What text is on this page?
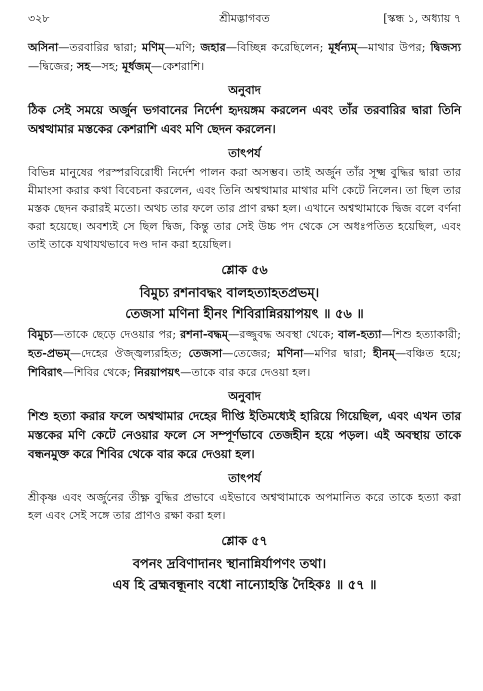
৩২৮	শ্রীমদ্ভাগবত	[স্কন্ধ ১, অধ্যায় ৭

অসিনা—তরবারির দ্বারা; মণিম্—মণি; জহার—বিচ্ছিন্ন করেছিলেন; মূর্ধন্যম্—মাথার উপর; দ্বিজস্য—দ্বিজের; সহ—সহ; মূর্ধজম্—কেশরাশি।

অনুবাদ

ঠিক সেই সময়ে অর্জুন ভগবানের নির্দেশ হৃদয়ঙ্গম করলেন এবং তাঁর তরবারির দ্বারা তিনি অশ্বত্থামার মস্তকের কেশরাশি এবং মণি ছেদন করলেন।

তাৎপর্য

বিভিন্ন মানুষের পরস্পরবিরোধী নির্দেশ পালন করা অসম্ভব। তাই অর্জুন তাঁর সূক্ষ্ম বুদ্ধির দ্বারা তার মীমাংসা করার কথা বিবেচনা করলেন, এবং তিনি অশ্বত্থামার মাথার মণি কেটে নিলেন। তা ছিল তার মস্তক ছেদন করারই মতো। অথচ তার ফলে তার প্রাণ রক্ষা হল। এখানে অশ্বত্থামাকে দ্বিজ বলে বর্ণনা করা হয়েছে। অবশ্যই সে ছিল দ্বিজ, কিন্তু তার সেই উচ্চ পদ থেকে সে অধঃপতিত হয়েছিল, এবং তাই তাকে যথাযথভাবে দণ্ড দান করা হয়েছিল।

শ্লোক ৫৬
বিমুচ্য রশনাবদ্ধং বালহত্যাহতপ্রভম্।
তেজসা মণিনা হীনং শিবিরান্নিরয়াপয়ৎ ॥ ৫৬ ॥

বিমুচ্য—তাকে ছেড়ে দেওয়ার পর; রশনা-বদ্ধম্—রজ্জুবদ্ধ অবস্থা থেকে; বাল-হত্যা—শিশু হত্যাকারী; হত-প্রভম্—দেহের ঔজ্জ্বল্যরহিত; তেজসা—তেজের; মণিনা—মণির দ্বারা; হীনম্—বঞ্চিত হয়ে; শিবিরাৎ—শিবির থেকে; নিরয়াপয়ৎ—তাকে বার করে দেওয়া হল।

অনুবাদ

শিশু হত্যা করার ফলে অশ্বত্থামার দেহের দীপ্তি ইতিমধ্যেই হারিয়ে গিয়েছিল, এবং এখন তার মস্তকের মণি কেটে নেওয়ার ফলে সে সম্পূর্ণভাবে তেজহীন হয়ে পড়ল। এই অবস্থায় তাকে বন্ধনমুক্ত করে শিবির থেকে বার করে দেওয়া হল।

তাৎপর্য

শ্রীকৃষ্ণ এবং অর্জুনের তীক্ষ্ণ বুদ্ধির প্রভাবে এইভাবে অশ্বত্থামাকে অপমানিত করে তাকে হত্যা করা হল এবং সেই সঙ্গে তার প্রাণও রক্ষা করা হল।

শ্লোক ৫৭
বপনং দ্রবিণাদানং স্থানান্নির্যাপণং তথা।
এষ হি ব্রহ্মবন্ধূনাং বধো নান্যোহস্তি দৈহিকঃ ॥ ৫৭ ॥
